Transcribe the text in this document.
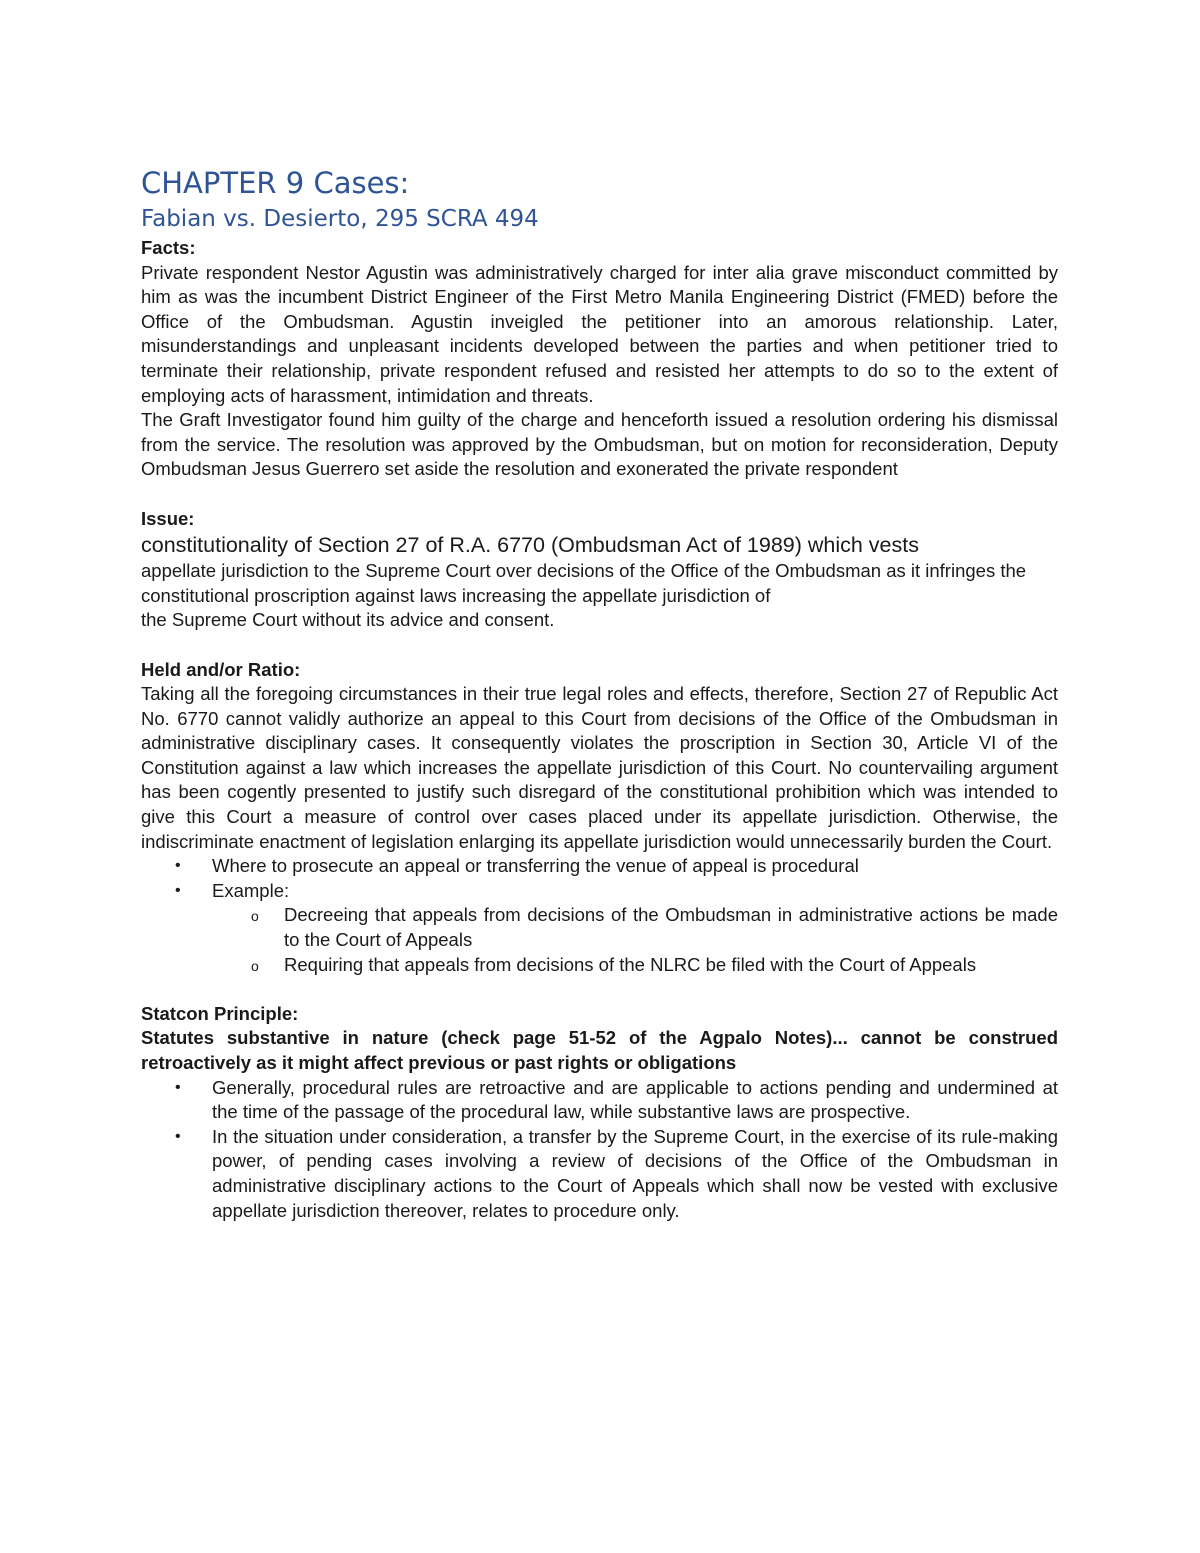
CHAPTER 9 Cases:
Fabian vs. Desierto, 295 SCRA 494

Facts:

Private respondent Nestor Agustin was administratively charged for inter alia grave misconduct committed by him as was the incumbent District Engineer of the First Metro Manila Engineering District (FMED) before the Office of the Ombudsman. Agustin inveigled the petitioner into an amorous relationship. Later, misunderstandings and unpleasant incidents developed between the parties and when petitioner tried to terminate their relationship, private respondent refused and resisted her attempts to do so to the extent of employing acts of harassment, intimidation and threats.

The Graft Investigator found him guilty of the charge and henceforth issued a resolution ordering his dismissal from the service. The resolution was approved by the Ombudsman, but on motion for reconsideration, Deputy Ombudsman Jesus Guerrero set aside the resolution and exonerated the private respondent

Issue:

constitutionality of Section 27 of R.A. 6770 (Ombudsman Act of 1989) which vests

appellate jurisdiction to the Supreme Court over decisions of the Office of the Ombudsman as it infringes the constitutional proscription against laws increasing the appellate jurisdiction of

the Supreme Court without its advice and consent.

Held and/or Ratio:

Taking all the foregoing circumstances in their true legal roles and effects, therefore, Section 27 of Republic Act No. 6770 cannot validly authorize an appeal to this Court from decisions of the Office of the Ombudsman in administrative disciplinary cases. It consequently violates the proscription in Section 30, Article VI of the Constitution against a law which increases the appellate jurisdiction of this Court. No countervailing argument has been cogently presented to justify such disregard of the constitutional prohibition which was intended to give this Court a measure of control over cases placed under its appellate jurisdiction. Otherwise, the indiscriminate enactment of legislation enlarging its appellate jurisdiction would unnecessarily burden the Court.

• Where to prosecute an appeal or transferring the venue of appeal is procedural
• Example:
o Decreeing that appeals from decisions of the Ombudsman in administrative actions be made to the Court of Appeals
o Requiring that appeals from decisions of the NLRC be filed with the Court of Appeals

Statcon Principle:

Statutes substantive in nature (check page 51-52 of the Agpalo Notes)... cannot be construed retroactively as it might affect previous or past rights or obligations

• Generally, procedural rules are retroactive and are applicable to actions pending and undermined at the time of the passage of the procedural law, while substantive laws are prospective.
• In the situation under consideration, a transfer by the Supreme Court, in the exercise of its rule-making power, of pending cases involving a review of decisions of the Office of the Ombudsman in administrative disciplinary actions to the Court of Appeals which shall now be vested with exclusive appellate jurisdiction thereover, relates to procedure only.
